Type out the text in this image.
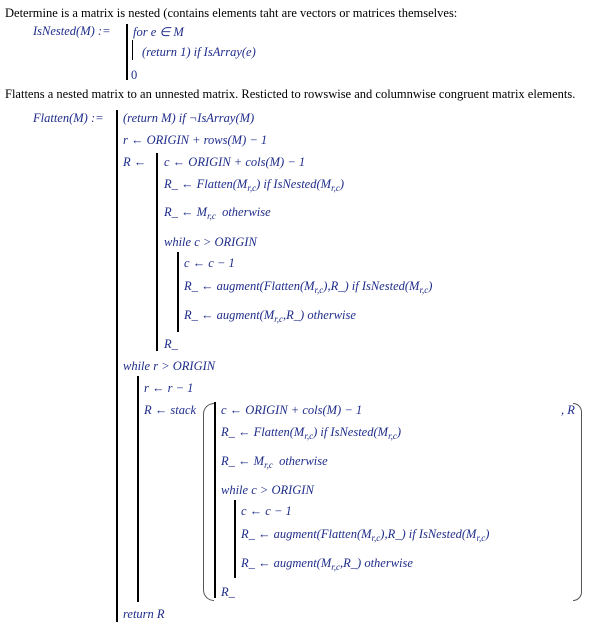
Determine is a matrix is nested (contains elements taht are vectors or matrices themselves:
IsNested(M) := for e ∈ M
(return 1) if IsArray(e)
0
Flattens a nested matrix to an unnested matrix. Resticted to rowswise and columnwise congruent matrix elements.
Flatten(M) := (return M) if ¬IsArray(M)
r ← ORIGIN + rows(M) − 1
R ← c ← ORIGIN + cols(M) − 1
R_ ← $Flatten(M_{r,c})$ if $IsNested(M_{r,c})$
R_ ← $M_{r,c}$ otherwise
while c > ORIGIN
c ← c − 1
R_ ← $augment(Flatten(M_{r,c}),R\_)$ if $IsNested(M_{r,c})$
R_ ← $augment(M_{r,c},R\_)$ otherwise
R_
while r > ORIGIN
r ← r − 1
R ← stack	, R
c ← ORIGIN + cols(M) − 1
R_ ← $Flatten(M_{r,c})$ if $IsNested(M_{r,c})$
R_ ← $M_{r,c}$ otherwise
while c > ORIGIN
c ← c − 1
R_ ← $augment(Flatten(M_{r,c}),R\_)$ if $IsNested(M_{r,c})$
R_ ← $augment(M_{r,c},R\_)$ otherwise
R_
return R
